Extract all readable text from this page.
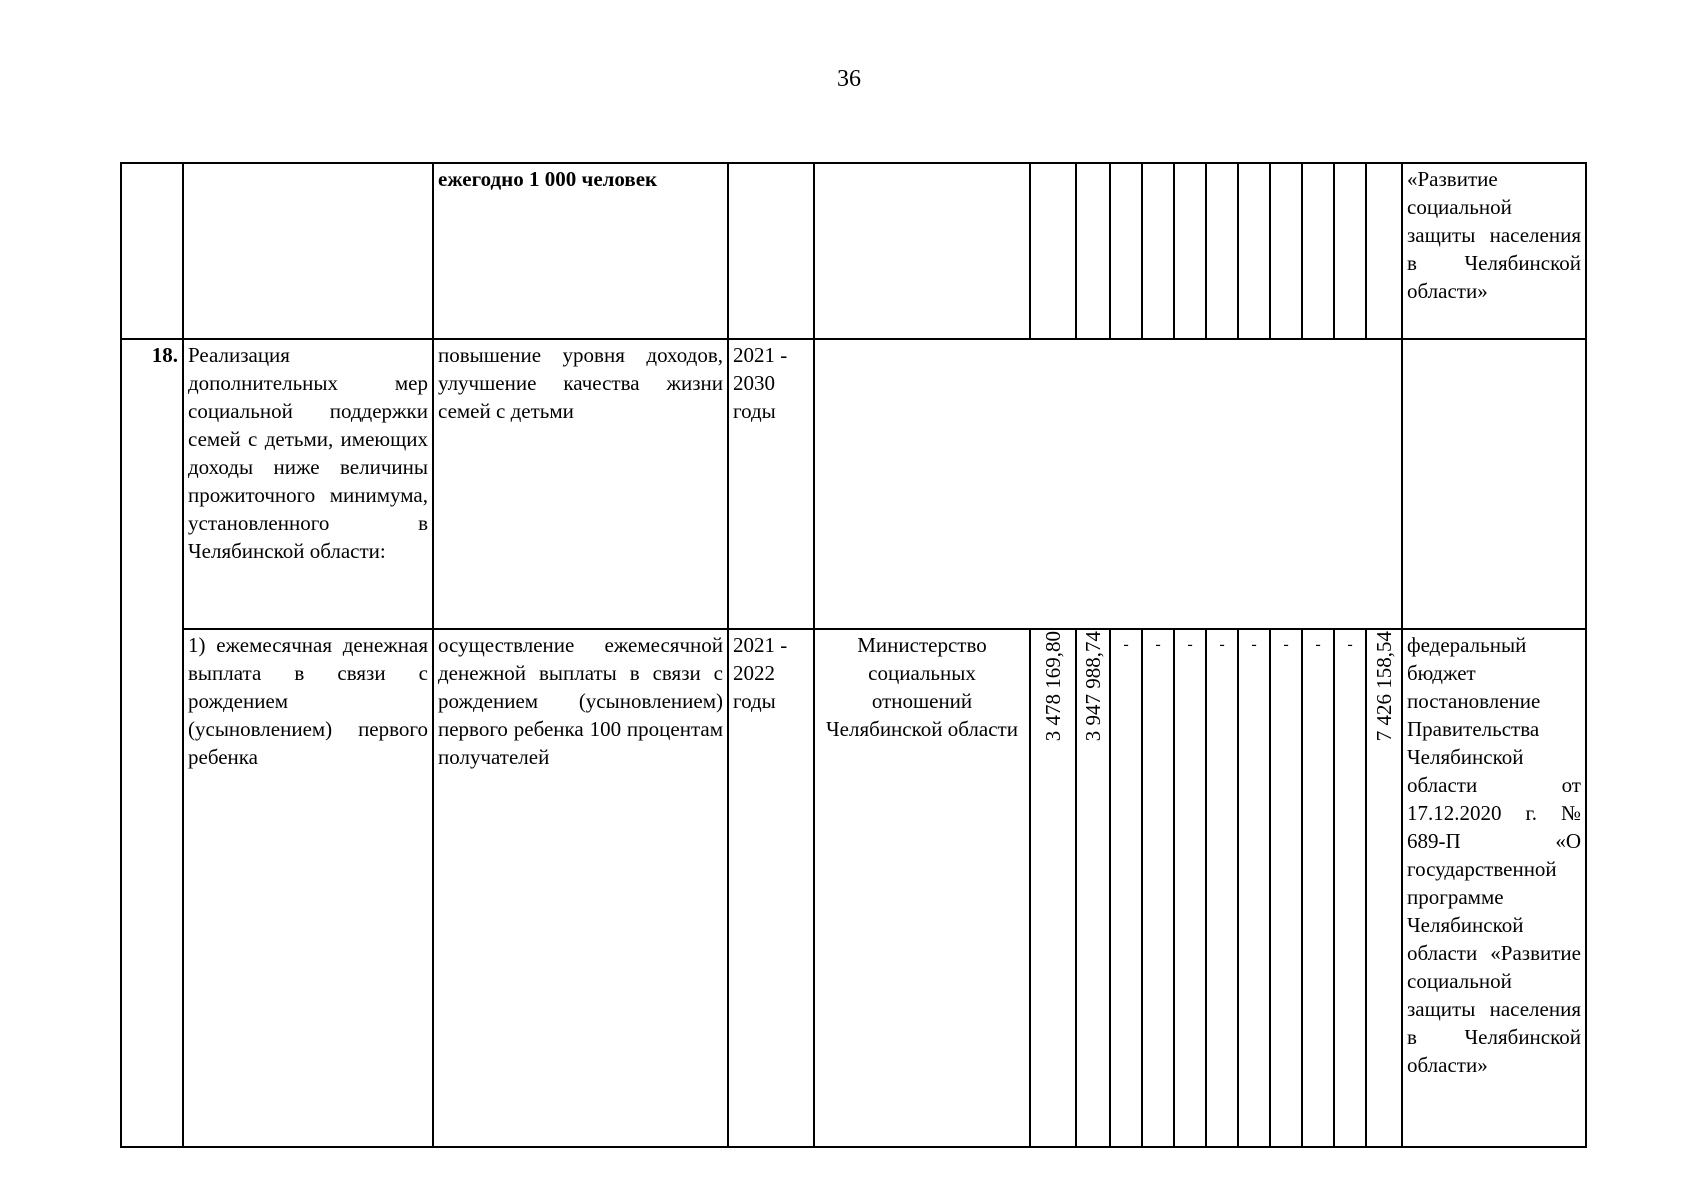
36
		ежегодно 1 000 человек														«Развитие социальной защиты населения в Челябинской области»
18.	Реализация дополнительных мер социальной поддержки семей с детьми, имеющих доходы ниже величины прожиточного минимума, установленного в Челябинской области:	повышение уровня доходов, улучшение качества жизни семей с детьми	2021 - 2030 годы													
	1) ежемесячная денежная выплата в связи с рождением (усыновлением) первого ребенка	осуществление ежемесячной денежной выплаты в связи с рождением (усыновлением) первого ребенка 100 процентам получателей	2021 - 2022 годы	Министерство социальных отношений Челябинской области	3 478 169,80	3 947 988,74	-	-	-	-	-	-	-	-	7 426 158,54	федеральный бюджет постановление Правительства Челябинской области от 17.12.2020 г. № 689-П «О государственной программе Челябинской области «Развитие социальной защиты населения в Челябинской области»
